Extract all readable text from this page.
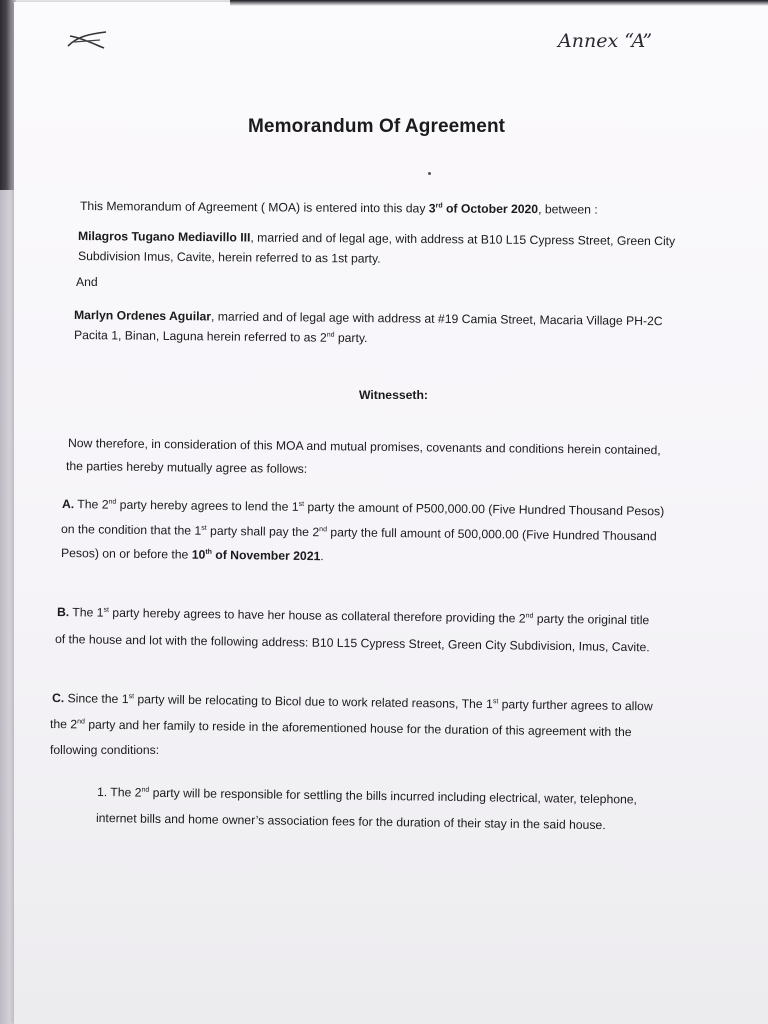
Annex “A”
Memorandum Of Agreement
This Memorandum of Agreement ( MOA) is entered into this day 3rd of October 2020, between :
Milagros Tugano Mediavillo III, married and of legal age, with address at B10 L15 Cypress Street, Green City
Subdivision Imus, Cavite, herein referred to as 1st party.
And
Marlyn Ordenes Aguilar, married and of legal age with address at #19 Camia Street, Macaria Village PH-2C
Pacita 1, Binan, Laguna herein referred to as 2nd party.
Witnesseth:
Now therefore, in consideration of this MOA and mutual promises, covenants and conditions herein contained,
the parties hereby mutually agree as follows:
A. The 2nd party hereby agrees to lend the 1st party the amount of P500,000.00 (Five Hundred Thousand Pesos)
on the condition that the 1st party shall pay the 2nd party the full amount of 500,000.00 (Five Hundred Thousand
Pesos) on or before the 10th of November 2021.
B. The 1st party hereby agrees to have her house as collateral therefore providing the 2nd party the original title
of the house and lot with the following address: B10 L15 Cypress Street, Green City Subdivision, Imus, Cavite.
C. Since the 1st party will be relocating to Bicol due to work related reasons, The 1st party further agrees to allow
the 2nd party and her family to reside in the aforementioned house for the duration of this agreement with the
following conditions:
1. The 2nd party will be responsible for settling the bills incurred including electrical, water, telephone,
internet bills and home owner’s association fees for the duration of their stay in the said house.
